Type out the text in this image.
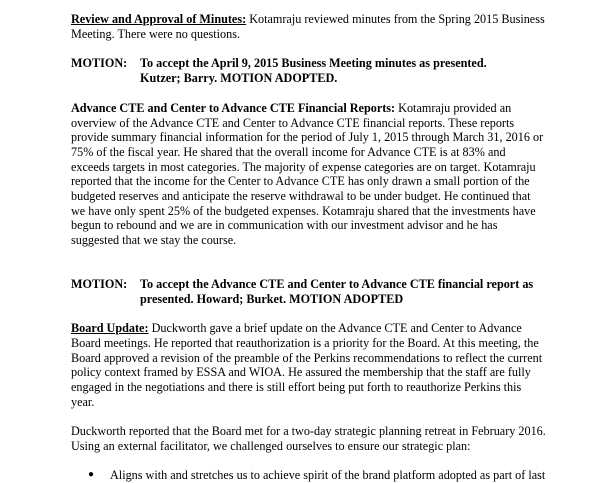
Review and Approval of Minutes: Kotamraju reviewed minutes from the Spring 2015 Business
Meeting. There were no questions.
MOTION:	To accept the April 9, 2015 Business Meeting minutes as presented.
Kutzer; Barry. MOTION ADOPTED.
Advance CTE and Center to Advance CTE Financial Reports: Kotamraju provided an
overview of the Advance CTE and Center to Advance CTE financial reports. These reports
provide summary financial information for the period of July 1, 2015 through March 31, 2016 or
75% of the fiscal year. He shared that the overall income for Advance CTE is at 83% and
exceeds targets in most categories. The majority of expense categories are on target. Kotamraju
reported that the income for the Center to Advance CTE has only drawn a small portion of the
budgeted reserves and anticipate the reserve withdrawal to be under budget. He continued that
we have only spent 25% of the budgeted expenses. Kotamraju shared that the investments have
begun to rebound and we are in communication with our investment advisor and he has
suggested that we stay the course.
MOTION:	To accept the Advance CTE and Center to Advance CTE financial report as
presented. Howard; Burket. MOTION ADOPTED
Board Update: Duckworth gave a brief update on the Advance CTE and Center to Advance
Board meetings. He reported that reauthorization is a priority for the Board. At this meeting, the
Board approved a revision of the preamble of the Perkins recommendations to reflect the current
policy context framed by ESSA and WIOA. He assured the membership that the staff are fully
engaged in the negotiations and there is still effort being put forth to reauthorize Perkins this
year.
Duckworth reported that the Board met for a two-day strategic planning retreat in February 2016.
Using an external facilitator, we challenged ourselves to ensure our strategic plan:
●	Aligns with and stretches us to achieve spirit of the brand platform adopted as part of last
